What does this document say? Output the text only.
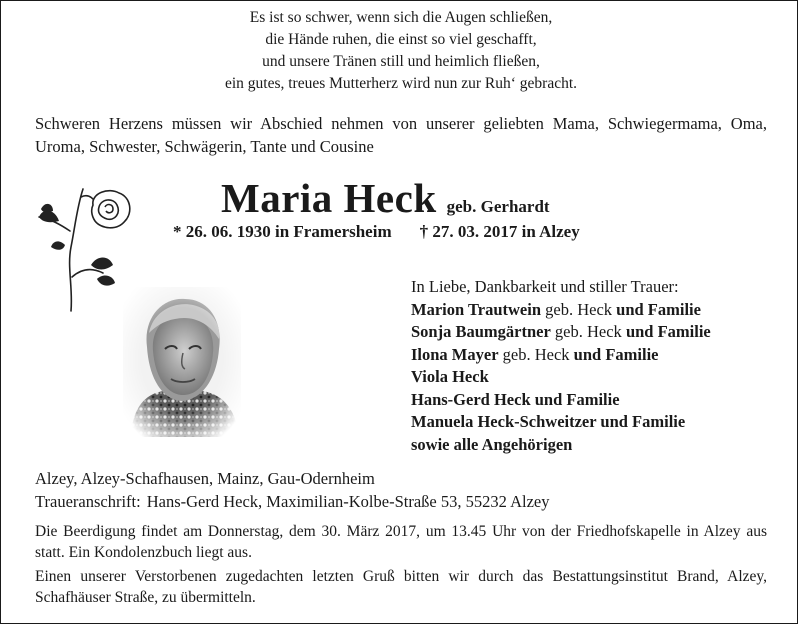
Es ist so schwer, wenn sich die Augen schließen,
die Hände ruhen, die einst so viel geschafft,
und unsere Tränen still und heimlich fließen,
ein gutes, treues Mutterherz wird nun zur Ruh‘ gebracht.
Schweren Herzens müssen wir Abschied nehmen von unserer geliebten Mama, Schwiegermama, Oma, Uroma, Schwester, Schwägerin, Tante und Cousine
Maria Heck geb. Gerhardt
* 26. 06. 1930 in Framersheim † 27. 03. 2017 in Alzey
In Liebe, Dankbarkeit und stiller Trauer:
Marion Trautwein geb. Heck und Familie
Sonja Baumgärtner geb. Heck und Familie
Ilona Mayer geb. Heck und Familie
Viola Heck
Hans-Gerd Heck und Familie
Manuela Heck-Schweitzer und Familie
sowie alle Angehörigen
Alzey, Alzey-Schafhausen, Mainz, Gau-Odernheim
Traueranschrift: Hans-Gerd Heck, Maximilian-Kolbe-Straße 53, 55232 Alzey
Die Beerdigung findet am Donnerstag, dem 30. März 2017, um 13.45 Uhr von der Friedhofskapelle in Alzey aus statt. Ein Kondolenzbuch liegt aus.
Einen unserer Verstorbenen zugedachten letzten Gruß bitten wir durch das Bestattungsinstitut Brand, Alzey, Schafhäuser Straße, zu übermitteln.
